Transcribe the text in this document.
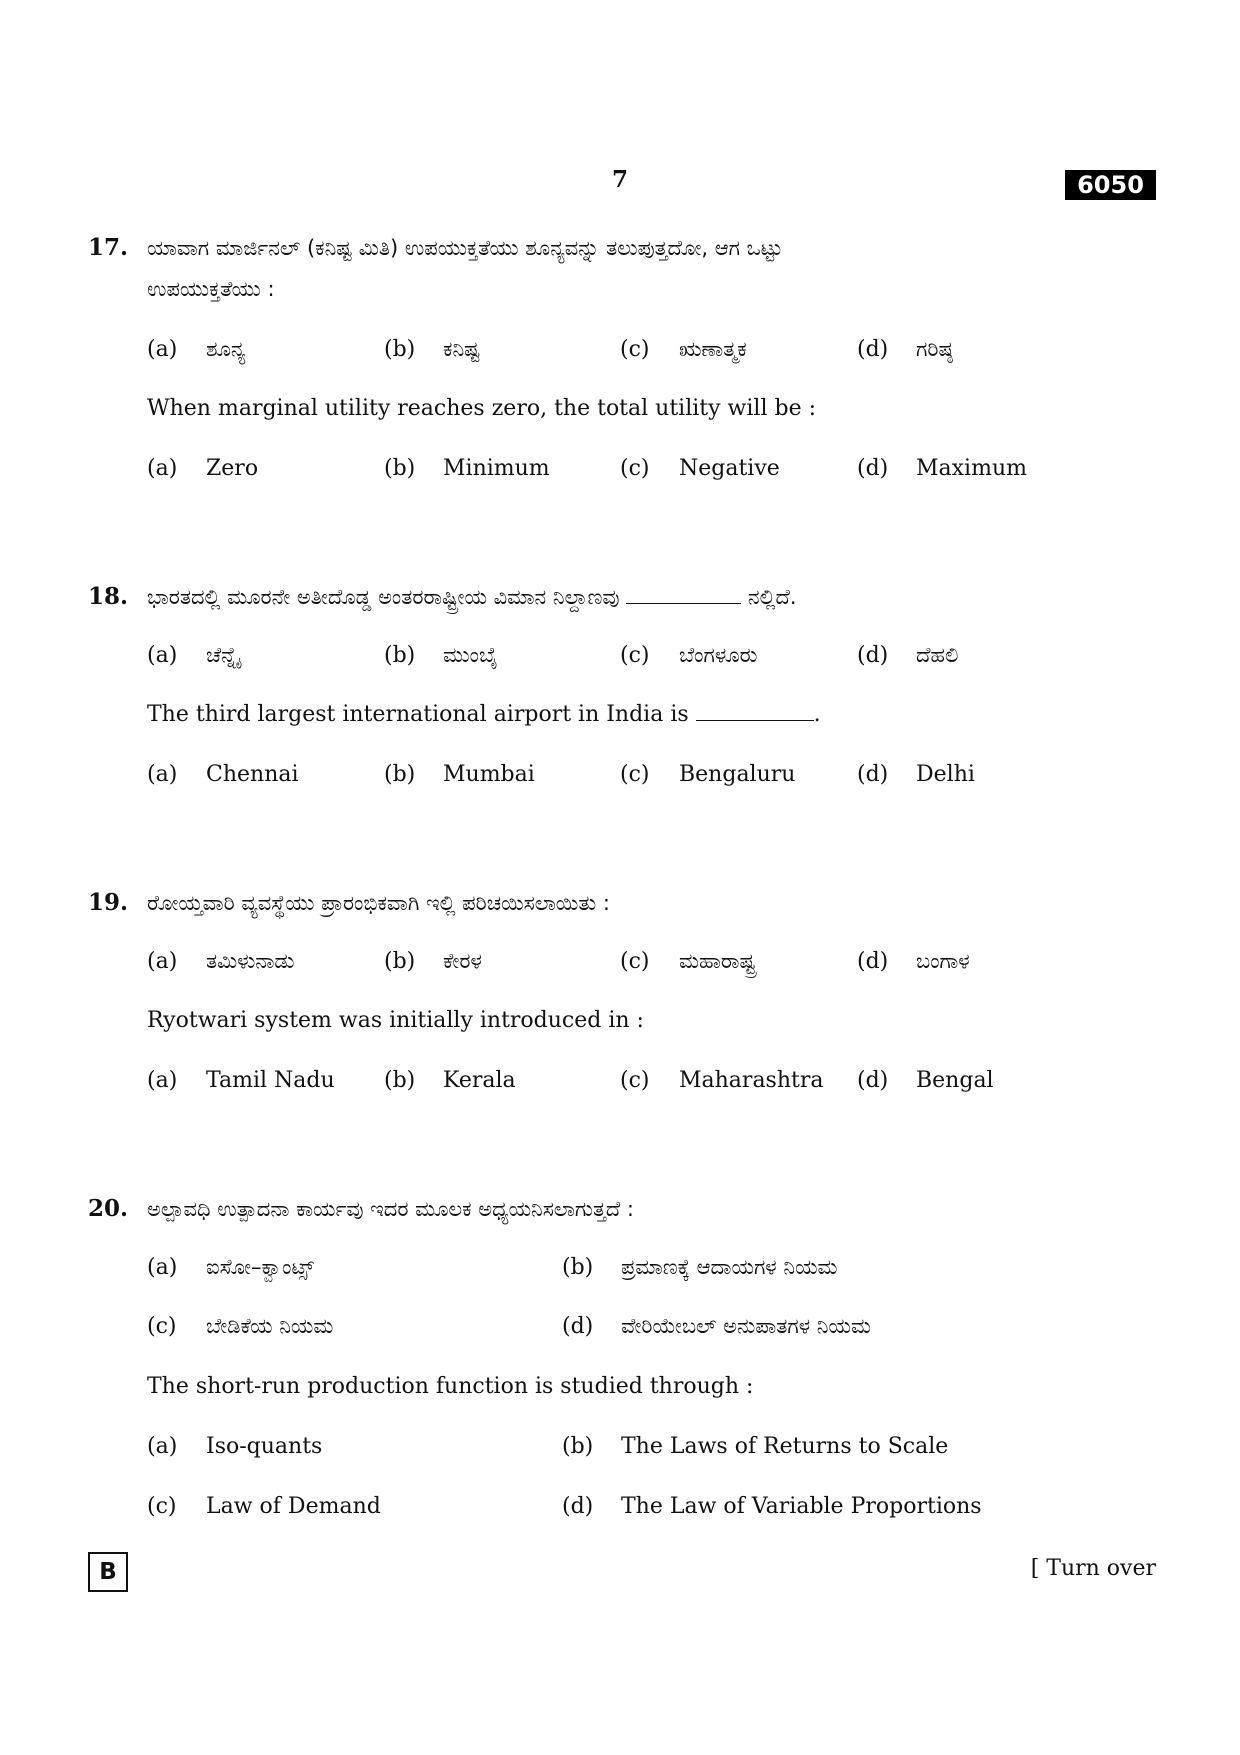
7	6050
17. ಯಾವಾಗ ಮಾರ್ಜಿನಲ್ (ಕನಿಷ್ಟ ಮಿತಿ) ಉಪಯುಕ್ತತೆಯು ಶೂನ್ಯವನ್ನು ತಲುಪುತ್ತದೋ, ಆಗ ಒಟ್ಟು
ಉಪಯುಕ್ತತೆಯು :
(a) ಶೂನ್ಯ	(b) ಕನಿಷ್ಟ	(c) ಋಣಾತ್ಮಕ	(d) ಗರಿಷ್ಠ
When marginal utility reaches zero, the total utility will be :
(a) Zero	(b) Minimum	(c) Negative	(d) Maximum
18. ಭಾರತದಲ್ಲಿ ಮೂರನೇ ಅತೀದೊಡ್ಡ ಅಂತರರಾಷ್ಟ್ರೀಯ ವಿಮಾನ ನಿಲ್ದಾಣವು	ನಲ್ಲಿದೆ.
(a) ಚೆನ್ನೈ	(b) ಮುಂಬೈ	(c) ಬೆಂಗಳೂರು	(d) ದೆಹಲಿ
The third largest international airport in India is	.
(a) Chennai	(b) Mumbai	(c) Bengaluru	(d) Delhi
19. ರೋಯ್ತವಾರಿ ವ್ಯವಸ್ಥೆಯು ಪ್ರಾರಂಭಿಕವಾಗಿ ಇಲ್ಲಿ ಪರಿಚಯಿಸಲಾಯಿತು :
(a) ತಮಿಳುನಾಡು	(b) ಕೇರಳ	(c) ಮಹಾರಾಷ್ಟ್ರ	(d) ಬಂಗಾಳ
Ryotwari system was initially introduced in :
(a) Tamil Nadu (b) Kerala	(c) Maharashtra (d) Bengal
20. ಅಲ್ಪಾವಧಿ ಉತ್ಪಾದನಾ ಕಾರ್ಯವು ಇದರ ಮೂಲಕ ಅಧ್ಯಯನಿಸಲಾಗುತ್ತದೆ :
(a) ಐಸೋ–ಕ್ವಾಂಟ್ಸ್	(b) ಪ್ರಮಾಣಕ್ಕೆ ಆದಾಯಗಳ ನಿಯಮ
(c) ಬೇಡಿಕೆಯ ನಿಯಮ	(d) ವೇರಿಯೇಬಲ್ ಅನುಪಾತಗಳ ನಿಯಮ
The short-run production function is studied through :
(a) Iso-quants	(b) The Laws of Returns to Scale
(c) Law of Demand	(d) The Law of Variable Proportions
B	[ Turn over
